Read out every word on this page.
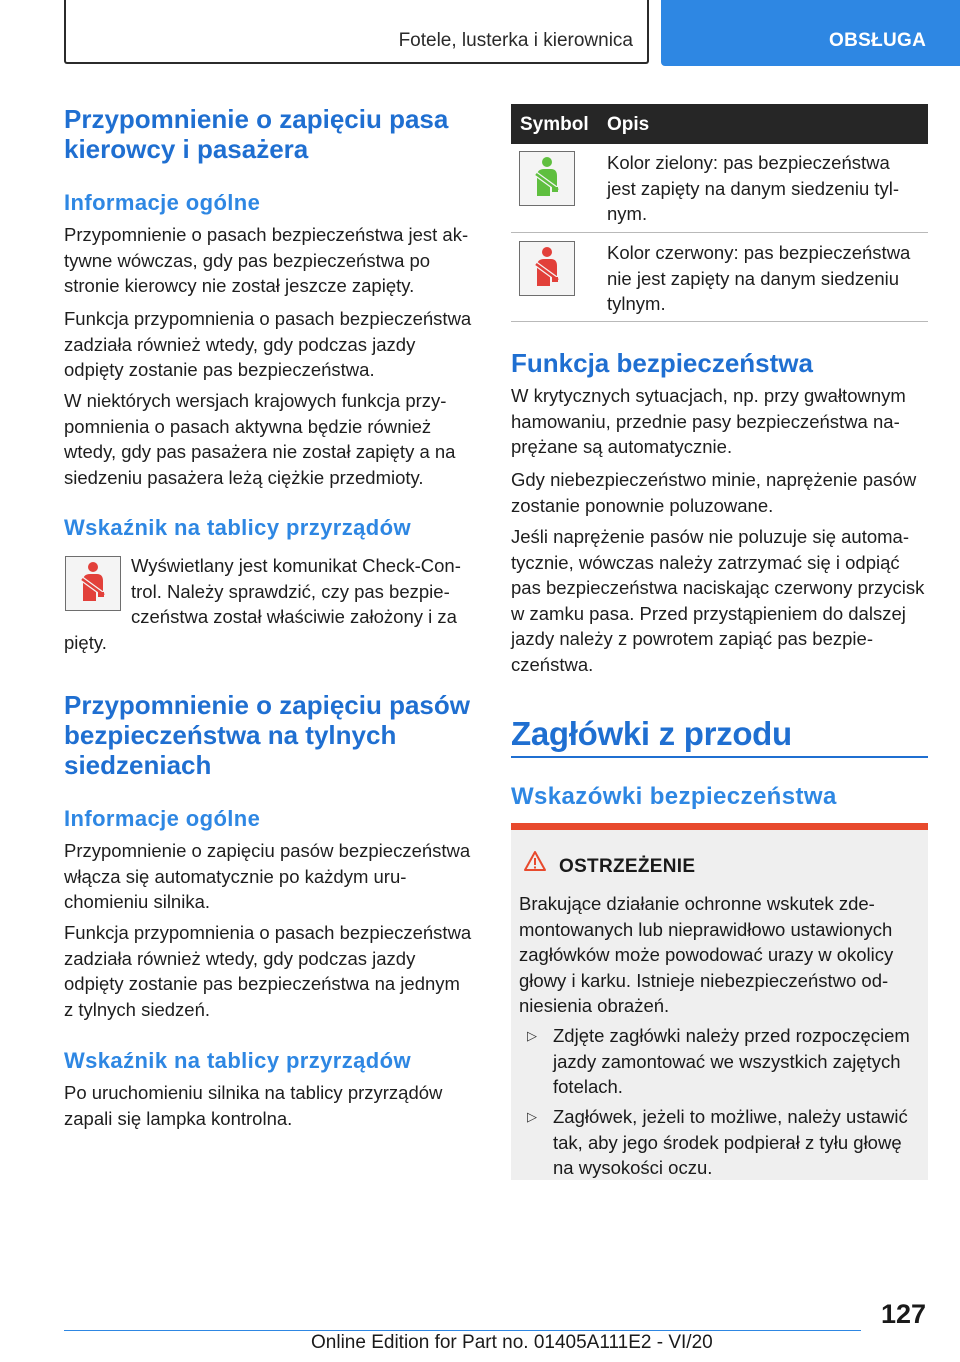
Fotele, lusterka i kierownica	OBSŁUGA
Przypomnienie o zapięciu pasa kierowcy i pasażera
Informacje ogólne
Przypomnienie o pasach bezpieczeństwa jest aktywne wówczas, gdy pas bezpieczeństwa po stronie kierowcy nie został jeszcze zapięty.
Funkcja przypomnienia o pasach bezpieczeństwa zadziała również wtedy, gdy podczas jazdy odpięty zostanie pas bezpieczeństwa.
W niektórych wersjach krajowych funkcja przypomnienia o pasach aktywna będzie również wtedy, gdy pas pasażera nie został zapięty a na siedzeniu pasażera leżą ciężkie przedmioty.
Wskaźnik na tablicy przyrządów
Wyświetlany jest komunikat Check-Control. Należy sprawdzić, czy pas bezpieczeństwa został właściwie założony i za
pięty.
Przypomnienie o zapięciu pasów bezpieczeństwa na tylnych siedzeniach
Informacje ogólne
Przypomnienie o zapięciu pasów bezpieczeństwa włącza się automatycznie po każdym uruchomieniu silnika.
Funkcja przypomnienia o pasach bezpieczeństwa zadziała również wtedy, gdy podczas jazdy odpięty zostanie pas bezpieczeństwa na jednym z tylnych siedzeń.
Wskaźnik na tablicy przyrządów
Po uruchomieniu silnika na tablicy przyrządów zapali się lampka kontrolna.
Symbol Opis
Kolor zielony: pas bezpieczeństwa jest zapięty na danym siedzeniu tylnym.
Kolor czerwony: pas bezpieczeństwa nie jest zapięty na danym siedzeniu tylnym.
Funkcja bezpieczeństwa
W krytycznych sytuacjach, np. przy gwałtownym hamowaniu, przednie pasy bezpieczeństwa naprężane są automatycznie.
Gdy niebezpieczeństwo minie, naprężenie pasów zostanie ponownie poluzowane.
Jeśli naprężenie pasów nie poluzuje się automatycznie, wówczas należy zatrzymać się i odpiąć pas bezpieczeństwa naciskając czerwony przycisk w zamku pasa. Przed przystąpieniem do dalszej jazdy należy z powrotem zapiąć pas bezpieczeństwa.
Zagłówki z przodu
Wskazówki bezpieczeństwa
OSTRZEŻENIE
Brakujące działanie ochronne wskutek zdemontowanych lub nieprawidłowo ustawionych zagłówków może powodować urazy w okolicy głowy i karku. Istnieje niebezpieczeństwo odniesienia obrażeń.
▷ Zdjęte zagłówki należy przed rozpoczęciem jazdy zamontować we wszystkich zajętych fotelach.
▷ Zagłówek, jeżeli to możliwe, należy ustawić tak, aby jego środek podpierał z tyłu głowę na wysokości oczu.
127
Online Edition for Part no. 01405A111E2 - VI/20
